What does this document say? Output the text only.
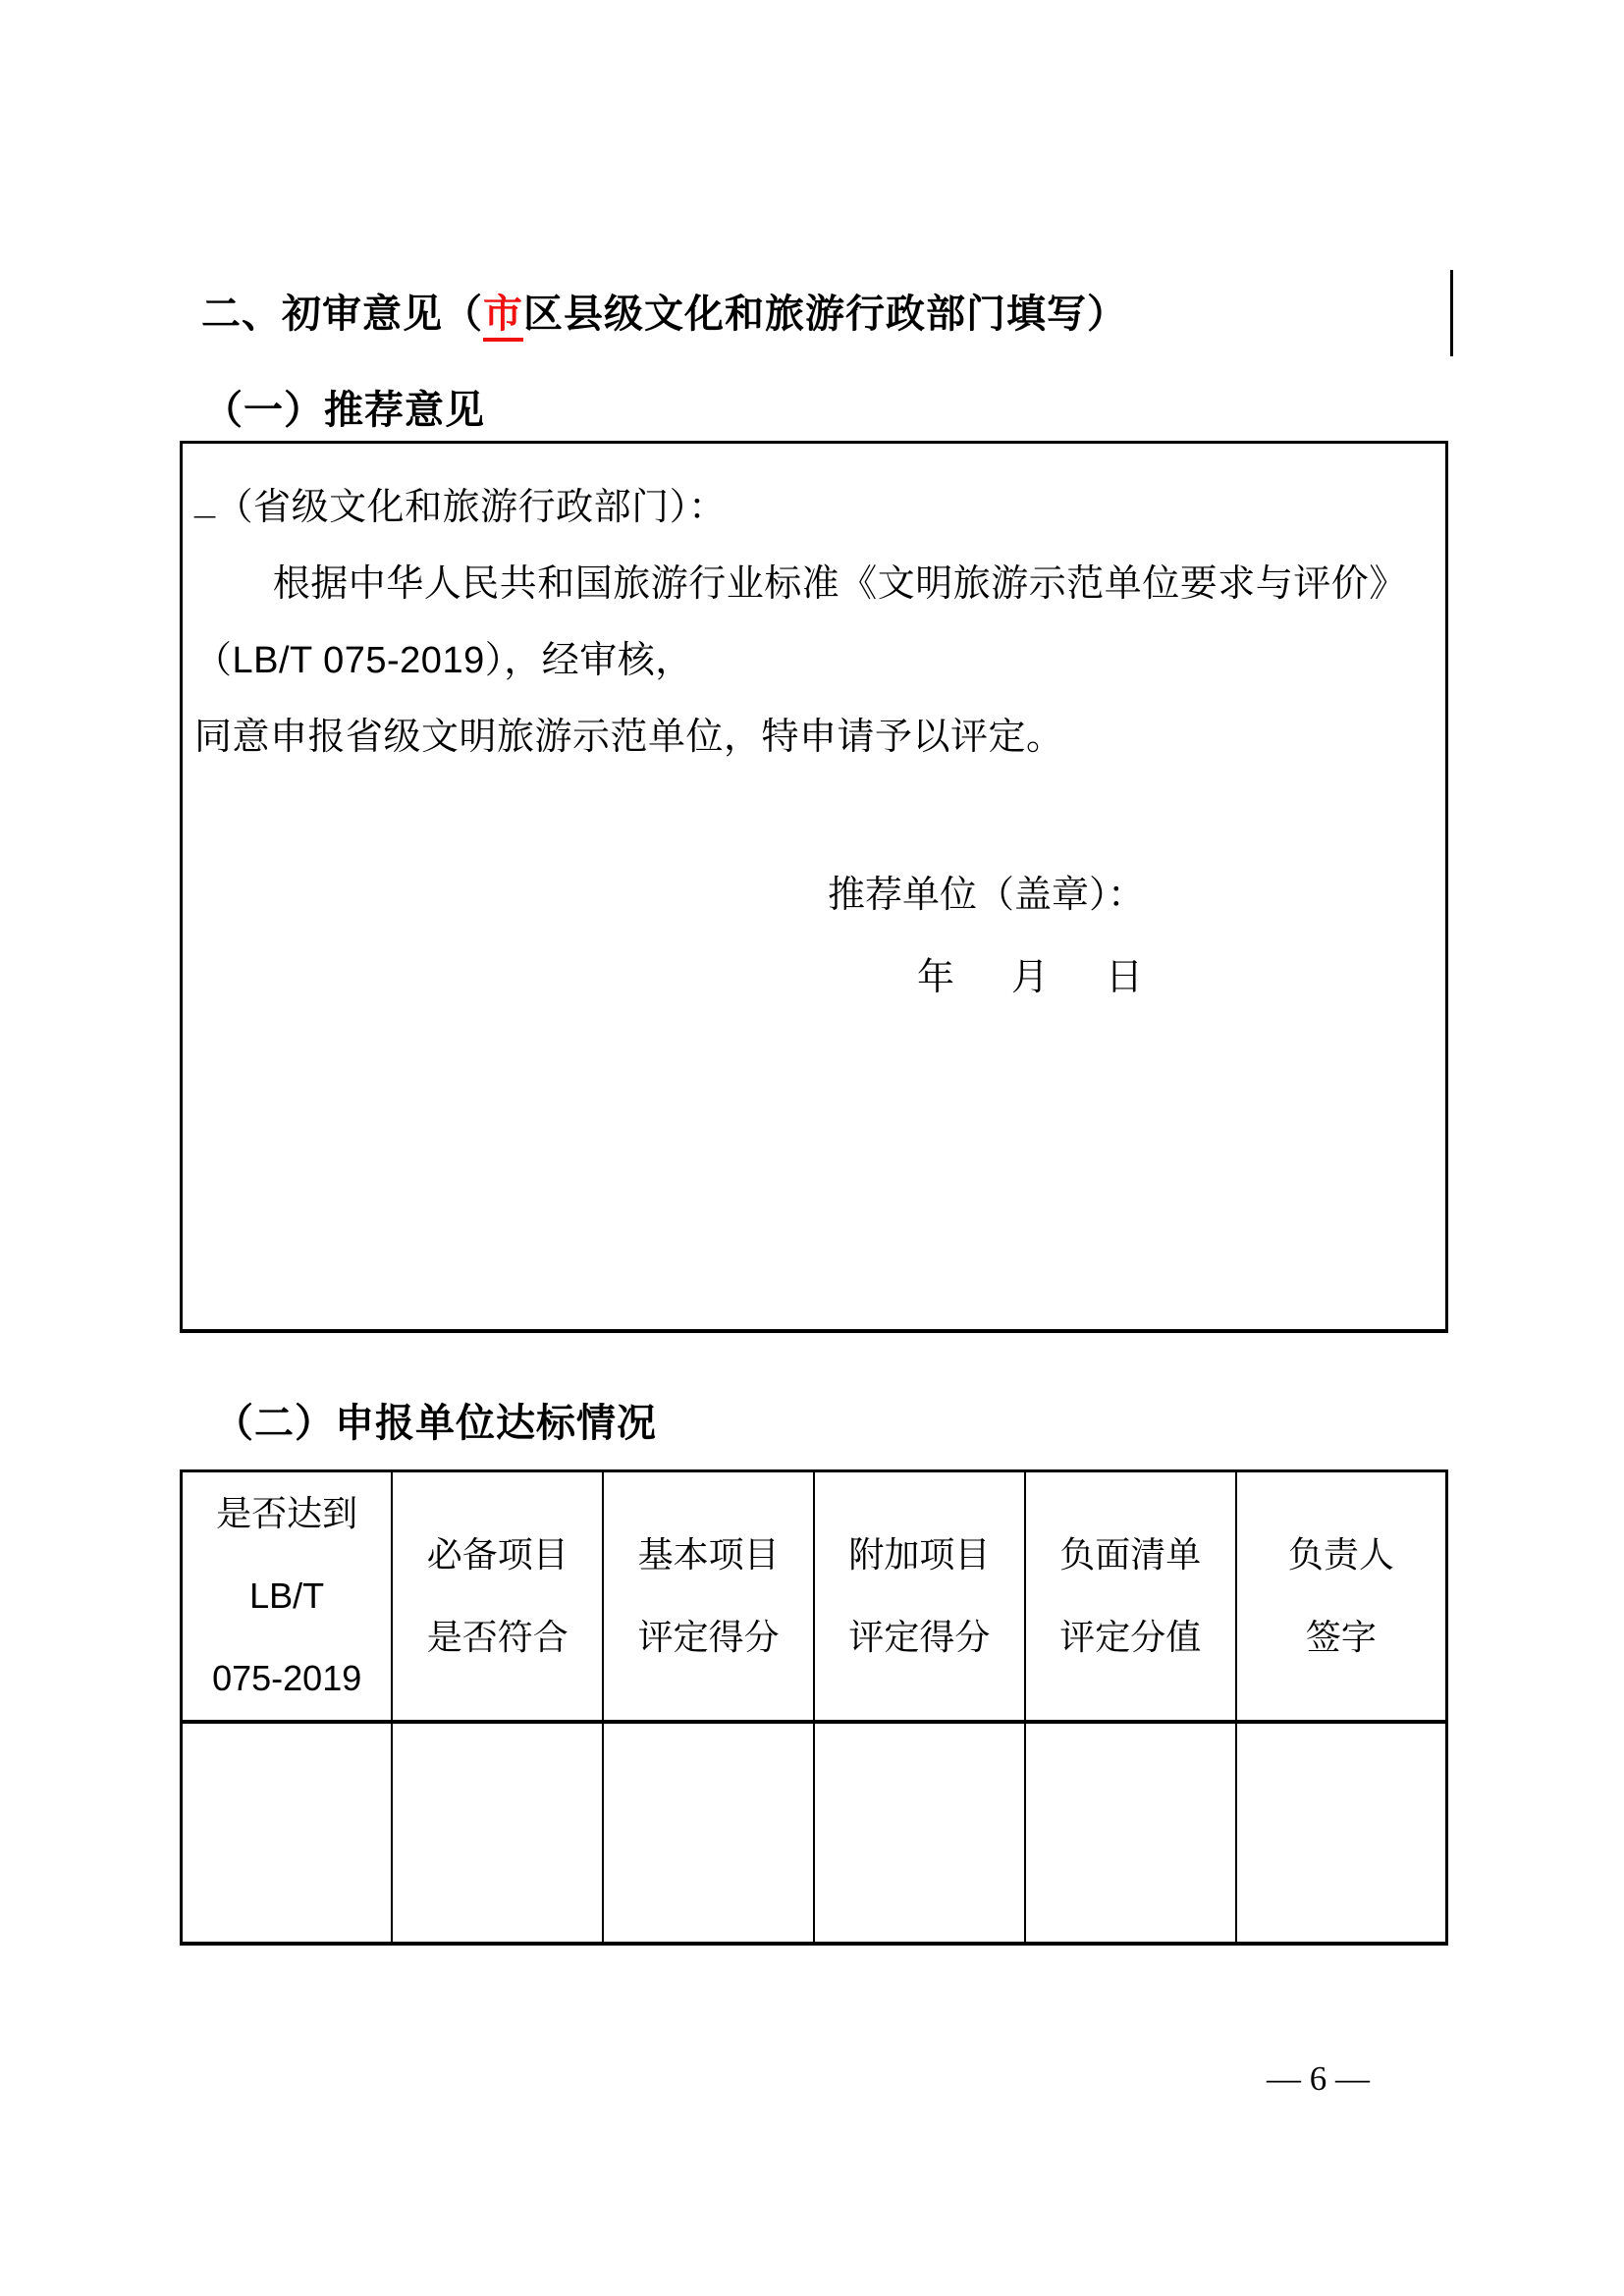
二、初审意见（市区县级文化和旅游行政部门填写）
（一）推荐意见

_（省级文化和旅游行政部门）：

根据中华人民共和国旅游行业标准《文明旅游示范单位要求与评价》

（LB/T 075-2019），经审核，

同意申报省级文明旅游示范单位，特申请予以评定。

推荐单位（盖章）：
年　月　日
（二）申报单位达标情况
是否达到
LB/T
075-2019

必备项目
是否符合

基本项目
评定得分

附加项目
评定得分

负面清单
评定分值

负责人
签字

— 6 —
